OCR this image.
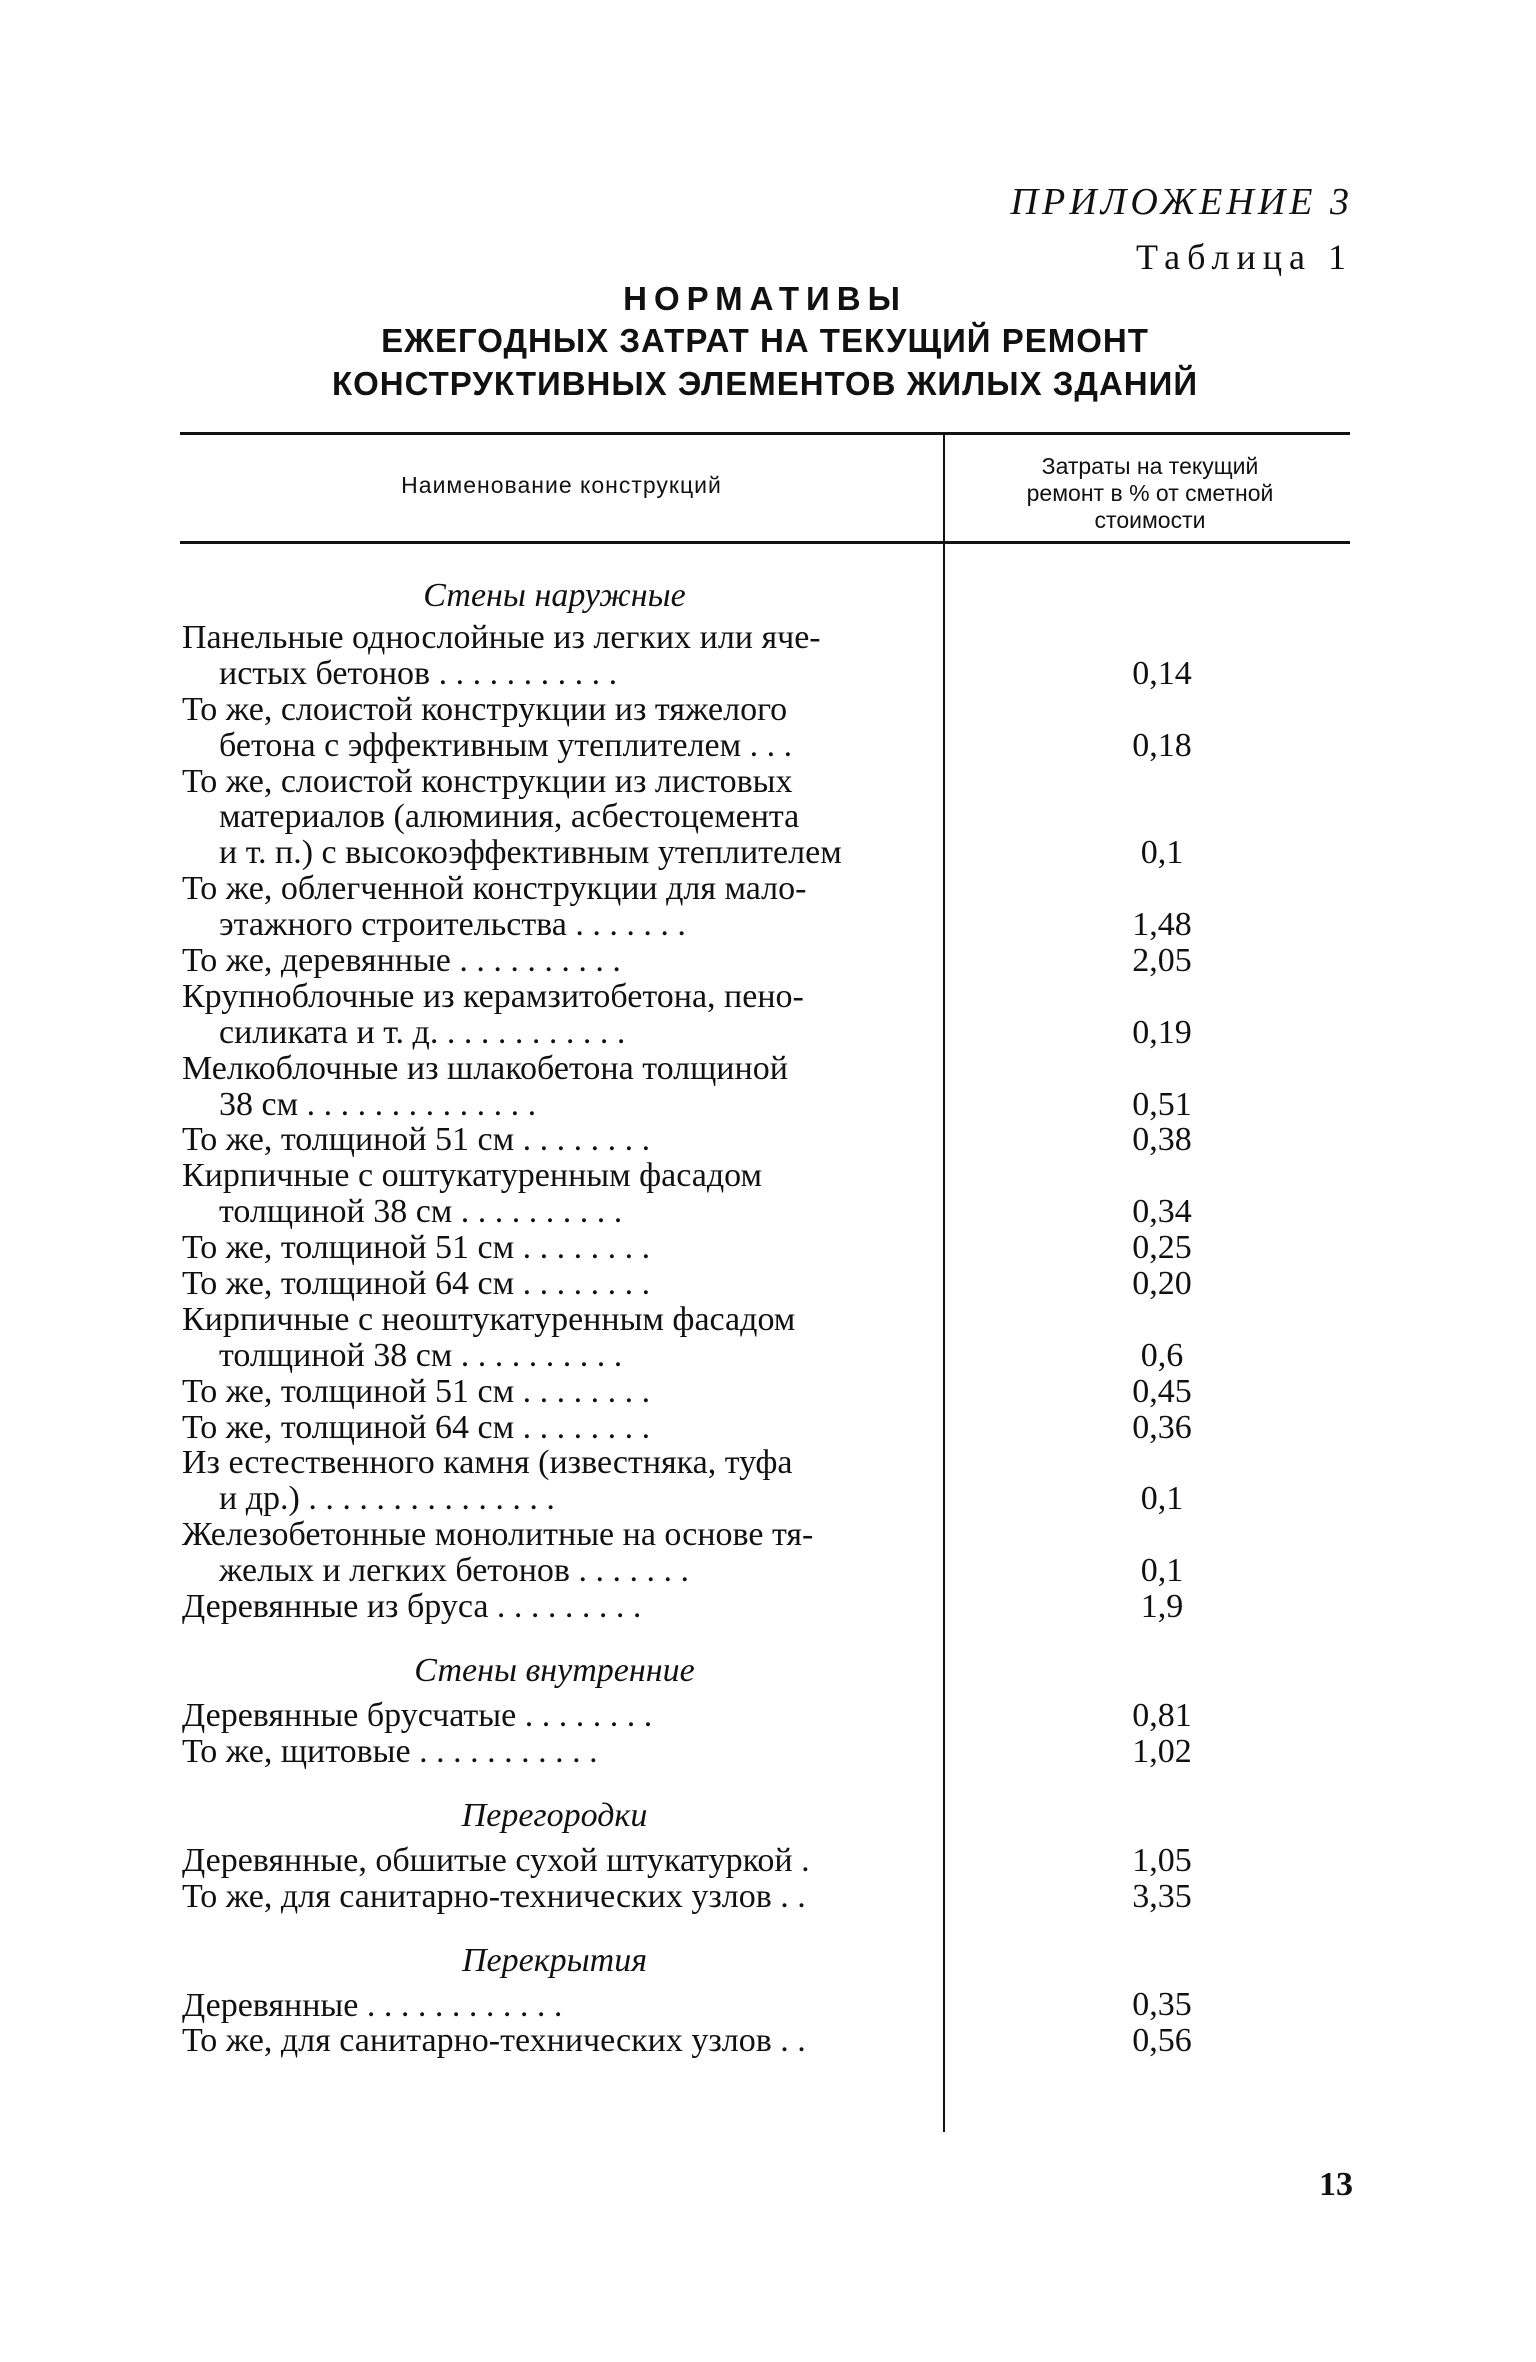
ПРИЛОЖЕНИЕ 3
Таблица 1
НОРМАТИВЫ
ЕЖЕГОДНЫХ ЗАТРАТ НА ТЕКУЩИЙ РЕМОНТ
КОНСТРУКТИВНЫХ ЭЛЕМЕНТОВ ЖИЛЫХ ЗДАНИЙ
Наименование конструкций
Затраты на текущий
ремонт в % от сметной
стоимости
Стены наружные
Панельные однослойные из легких или яче-
истых бетонов . . . . . . . . . . .	0,14
То же, слоистой конструкции из тяжелого
бетона с эффективным утеплителем . . .	0,18
То же, слоистой конструкции из листовых
материалов (алюминия, асбестоцемента
и т. п.) с высокоэффективным утеплителем	0,1
То же, облегченной конструкции для мало-
этажного строительства . . . . . . .	1,48
То же, деревянные . . . . . . . . . .	2,05
Крупноблочные из керамзитобетона, пено-
силиката и т. д. . . . . . . . . . . .	0,19
Мелкоблочные из шлакобетона толщиной
38 см . . . . . . . . . . . . . .	0,51
То же, толщиной 51 см . . . . . . . .	0,38
Кирпичные с оштукатуренным фасадом
толщиной 38 см . . . . . . . . . .	0,34
То же, толщиной 51 см . . . . . . . .	0,25
То же, толщиной 64 см . . . . . . . .	0,20
Кирпичные с неоштукатуренным фасадом
толщиной 38 см . . . . . . . . . .	0,6
То же, толщиной 51 см . . . . . . . .	0,45
То же, толщиной 64 см . . . . . . . .	0,36
Из естественного камня (известняка, туфа
и др.) . . . . . . . . . . . . . . .	0,1
Железобетонные монолитные на основе тя-
желых и легких бетонов . . . . . . .	0,1
Деревянные из бруса . . . . . . . . .	1,9
Стены внутренние
Деревянные брусчатые . . . . . . . .	0,81
То же, щитовые . . . . . . . . . . .	1,02
Перегородки
Деревянные, обшитые сухой штукатуркой .	1,05
То же, для санитарно-технических узлов . .	3,35
Перекрытия
Деревянные . . . . . . . . . . . .	0,35
То же, для санитарно-технических узлов . .	0,56
13
